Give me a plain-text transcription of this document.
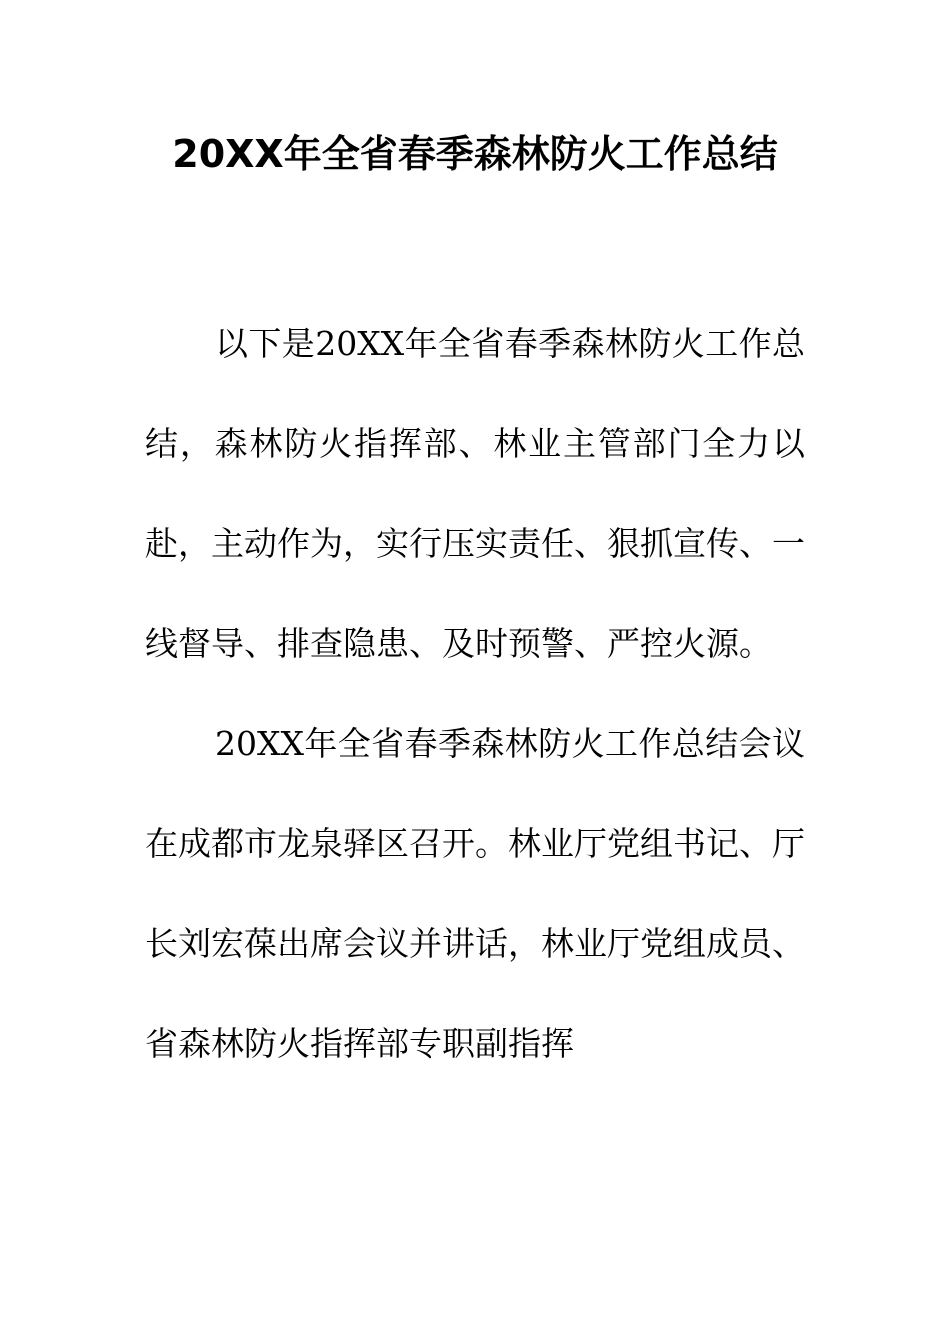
20XX年全省春季森林防火工作总结

以下是20XX年全省春季森林防火工作总结，森林防火指挥部、林业主管部门全力以赴，主动作为，实行压实责任、狠抓宣传、一线督导、排查隐患、及时预警、严控火源。

20XX年全省春季森林防火工作总结会议在成都市龙泉驿区召开。林业厅党组书记、厅长刘宏葆出席会议并讲话，林业厅党组成员、省森林防火指挥部专职副指挥
